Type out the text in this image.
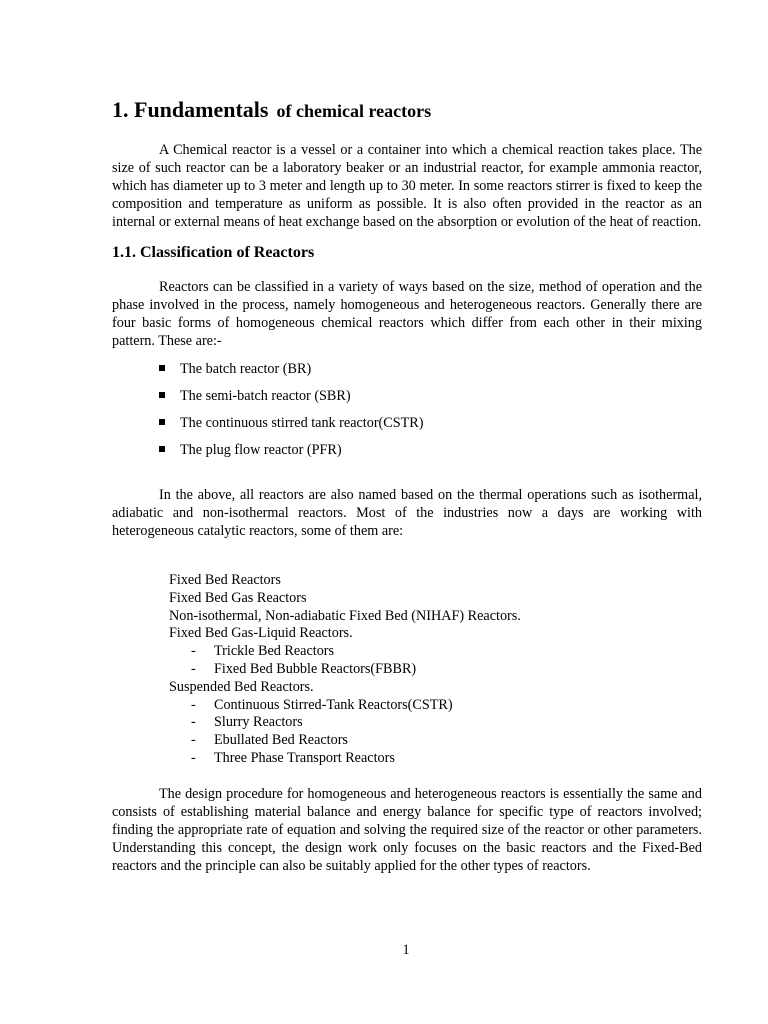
1. Fundamentals of chemical reactors

A Chemical reactor is a vessel or a container into which a chemical reaction takes place. The size of such reactor can be a laboratory beaker or an industrial reactor, for example ammonia reactor, which has diameter up to 3 meter and length up to 30 meter. In some reactors stirrer is fixed to keep the composition and temperature as uniform as possible. It is also often provided in the reactor as an internal or external means of heat exchange based on the absorption or evolution of the heat of reaction.

1.1. Classification of Reactors

Reactors can be classified in a variety of ways based on the size, method of operation and the phase involved in the process, namely homogeneous and heterogeneous reactors. Generally there are four basic forms of homogeneous chemical reactors which differ from each other in their mixing pattern. These are:-

The batch reactor (BR)
The semi-batch reactor (SBR)
The continuous stirred tank reactor(CSTR)
The plug flow reactor (PFR)

In the above, all reactors are also named based on the thermal operations such as isothermal, adiabatic and non-isothermal reactors. Most of the industries now a days are working with heterogeneous catalytic reactors, some of them are:

Fixed Bed Reactors
Fixed Bed Gas Reactors
Non-isothermal, Non-adiabatic Fixed Bed (NIHAF) Reactors.
Fixed Bed Gas-Liquid Reactors.
- Trickle Bed Reactors
- Fixed Bed Bubble Reactors(FBBR)
Suspended Bed Reactors.
- Continuous Stirred-Tank Reactors(CSTR)
- Slurry Reactors
- Ebullated Bed Reactors
- Three Phase Transport Reactors

The design procedure for homogeneous and heterogeneous reactors is essentially the same and consists of establishing material balance and energy balance for specific type of reactors involved; finding the appropriate rate of equation and solving the required size of the reactor or other parameters. Understanding this concept, the design work only focuses on the basic reactors and the Fixed-Bed reactors and the principle can also be suitably applied for the other types of reactors.

1
